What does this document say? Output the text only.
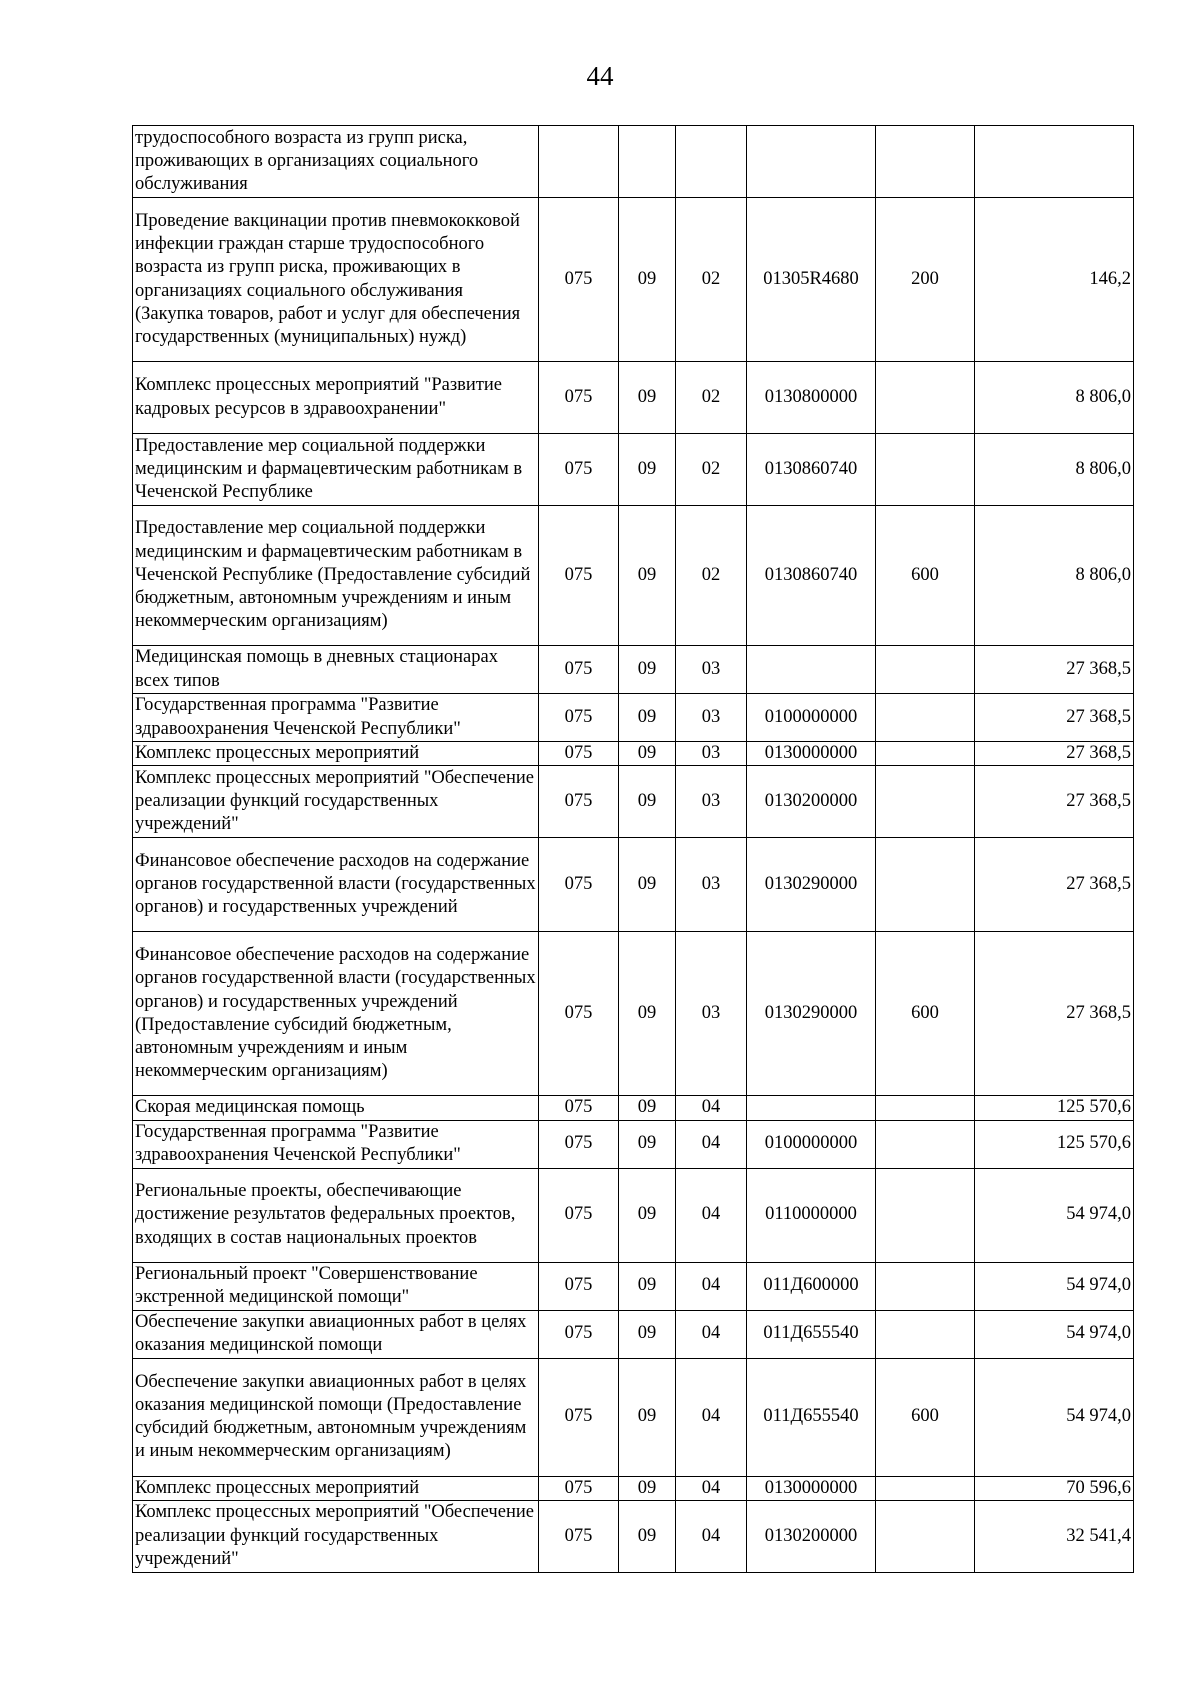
44
трудоспособного возраста из групп риска, проживающих в организациях социального обслуживания						
Проведение вакцинации против пневмококковой инфекции граждан старше трудоспособного возраста из групп риска, проживающих в организациях социального обслуживания (Закупка товаров, работ и услуг для обеспечения государственных (муниципальных) нужд)	075	09	02	01305R4680	200	146,2
Комплекс процессных мероприятий "Развитие кадровых ресурсов в здравоохранении"	075	09	02	0130800000		8 806,0
Предоставление мер социальной поддержки медицинским и фармацевтическим работникам в Чеченской Республике	075	09	02	0130860740		8 806,0
Предоставление мер социальной поддержки медицинским и фармацевтическим работникам в Чеченской Республике (Предоставление субсидий бюджетным, автономным учреждениям и иным некоммерческим организациям)	075	09	02	0130860740	600	8 806,0
Медицинская помощь в дневных стационарах всех типов	075	09	03			27 368,5
Государственная программа "Развитие здравоохранения Чеченской Республики"	075	09	03	0100000000		27 368,5
Комплекс процессных мероприятий	075	09	03	0130000000		27 368,5
Комплекс процессных мероприятий "Обеспечение реализации функций государственных учреждений"	075	09	03	0130200000		27 368,5
Финансовое обеспечение расходов на содержание органов государственной власти (государственных органов) и государственных учреждений	075	09	03	0130290000		27 368,5
Финансовое обеспечение расходов на содержание органов государственной власти (государственных органов) и государственных учреждений (Предоставление субсидий бюджетным, автономным учреждениям и иным некоммерческим организациям)	075	09	03	0130290000	600	27 368,5
Скорая медицинская помощь	075	09	04			125 570,6
Государственная программа "Развитие здравоохранения Чеченской Республики"	075	09	04	0100000000		125 570,6
Региональные проекты, обеспечивающие достижение результатов федеральных проектов, входящих в состав национальных проектов	075	09	04	0110000000		54 974,0
Региональный проект "Совершенствование экстренной медицинской помощи"	075	09	04	011Д600000		54 974,0
Обеспечение закупки авиационных работ в целях оказания медицинской помощи	075	09	04	011Д655540		54 974,0
Обеспечение закупки авиационных работ в целях оказания медицинской помощи (Предоставление субсидий бюджетным, автономным учреждениям и иным некоммерческим организациям)	075	09	04	011Д655540	600	54 974,0
Комплекс процессных мероприятий	075	09	04	0130000000		70 596,6
Комплекс процессных мероприятий "Обеспечение реализации функций государственных учреждений"	075	09	04	0130200000		32 541,4
